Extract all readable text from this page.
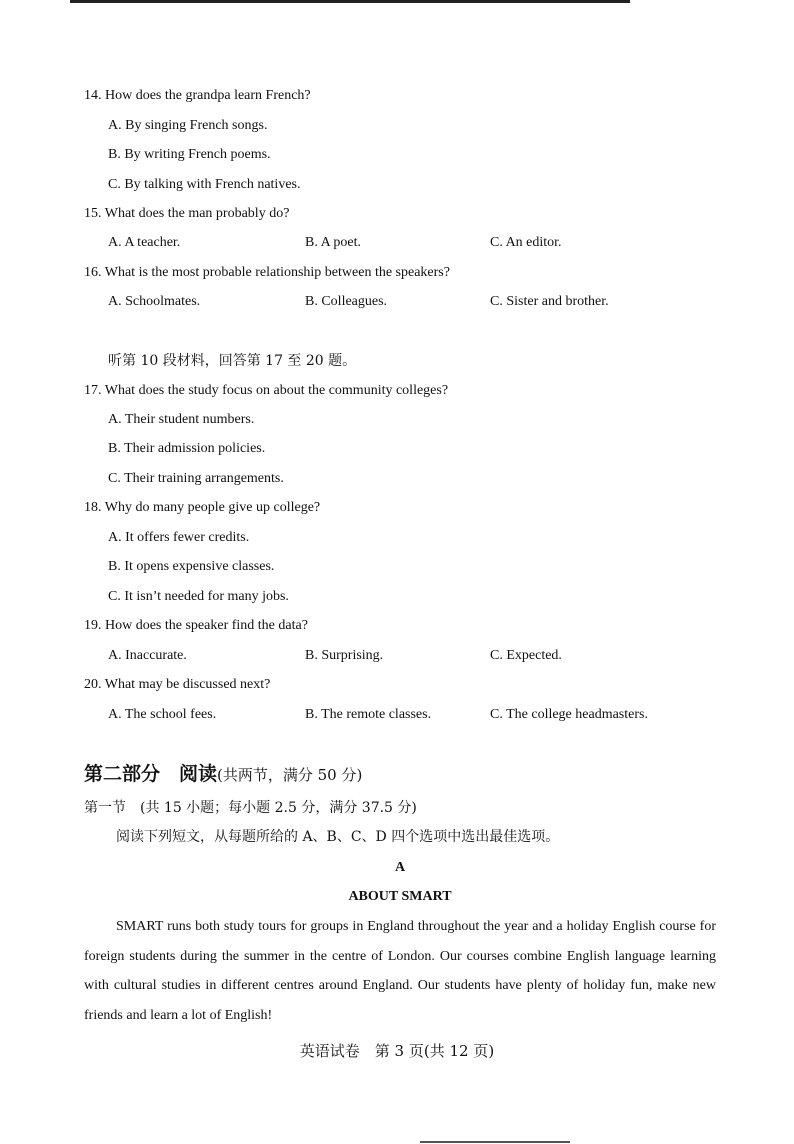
14. How does the grandpa learn French?
A. By singing French songs.
B. By writing French poems.
C. By talking with French natives.
15. What does the man probably do?
A. A teacher.	B. A poet.	C. An editor.
16. What is the most probable relationship between the speakers?
A. Schoolmates.	B. Colleagues.	C. Sister and brother.
听第 10 段材料，回答第 17 至 20 题。
17. What does the study focus on about the community colleges?
A. Their student numbers.
B. Their admission policies.
C. Their training arrangements.
18. Why do many people give up college?
A. It offers fewer credits.
B. It opens expensive classes.
C. It isn’t needed for many jobs.
19. How does the speaker find the data?
A. Inaccurate.	B. Surprising.	C. Expected.
20. What may be discussed next?
A. The school fees.	B. The remote classes.	C. The college headmasters.
第二部分　阅读(共两节，满分 50 分)
第一节　(共 15 小题；每小题 2.5 分，满分 37.5 分)
阅读下列短文，从每题所给的 A、B、C、D 四个选项中选出最佳选项。
A
ABOUT SMART
SMART runs both study tours for groups in England throughout the year and a holiday English course for foreign students during the summer in the centre of London. Our courses combine English language learning with cultural studies in different centres around England. Our students have plenty of holiday fun, make new friends and learn a lot of English!
英语试卷　第 3 页(共 12 页)
